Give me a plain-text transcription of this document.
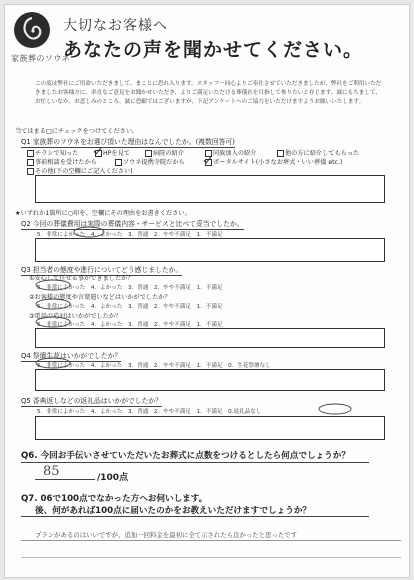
家族葬のソウネ
大切なお客様へ
あなたの声を聞かせてください。
この度は弊社にご用命いただきまして、まことに恐れ入ります。スタッフ一同心よりご奉仕させていただきましたが、弊社をご利用いただきましたお客様方に、率直なご意見をお聞かせいただき、よりご満足いただける葬儀社を目指して参りたいと存じます。誠にもちまして、お忙しいなか、お悲しみのところ、誠に恐縮ではございますが、下記アンケートへのご協力をいただけますようお願いいたします。
当てはまる□にチェックをつけてください。
Q1 家族葬のソウネをお選び頂いた理由はなんでしたか。(複数回答可)
チラシで知った	HPを見て	病院の紹介	同族加入の紹介	他の方に紹介してもらった
事前相談を受けたから	ソウネ提携寺院だから	ポータルサイト(小さなお葬式・いい葬儀 etc.)
その他(下の空欄にご記入ください)
★いずれか1箇所に○印を、空欄にその理由をお書きください。
Q2 今回の葬儀費用は実際の葬儀内容・サービスと比べて妥当でしたか。
5. 非常によかった　 4. よかった　 3. 普通　 2. やや不満足　 1. 不満足
Q3 担当者の態度や進行についてどう感じましたか。
①安心して任せる事ができましたか？
5. 非常によかった　 4. よかった　 3. 普通　 2. やや不満足　 1. 不満足
②お客様の態度や言葉遣いなどはいかがでしたか？
5. 非常によかった　 4. よかった　 3. 普通　 2. やや不満足　 1. 不満足
③電話の応対はいかがでしたか？
5. 非常によかった　 4. よかった　 3. 普通　 2. やや不満足　 1. 不満足
Q4 祭壇生花はいかがでしたか？
5. 非常によかった　 4. よかった　 3. 普通　 2. やや不満足　 1. 不満足　 0. 生花祭壇なし
Q5 香典返しなどの返礼品はいかがでしたか？
5. 非常によかった　 4. よかった　 3. 普通　 2. やや不満足　 1. 不満足　 0.返礼品なし
Q6. 今回お手伝いさせていただいたお葬式に点数をつけるとしたら何点でしょうか？
85	/100点
Q7. 06で100点でなかった方へお伺いします。
後、何があれば100点に届いたのかをお教えいただけますでしょうか？
プランがあるのはいいですが、追加一回料金を最初に全て示されたら良かったと思ったです
